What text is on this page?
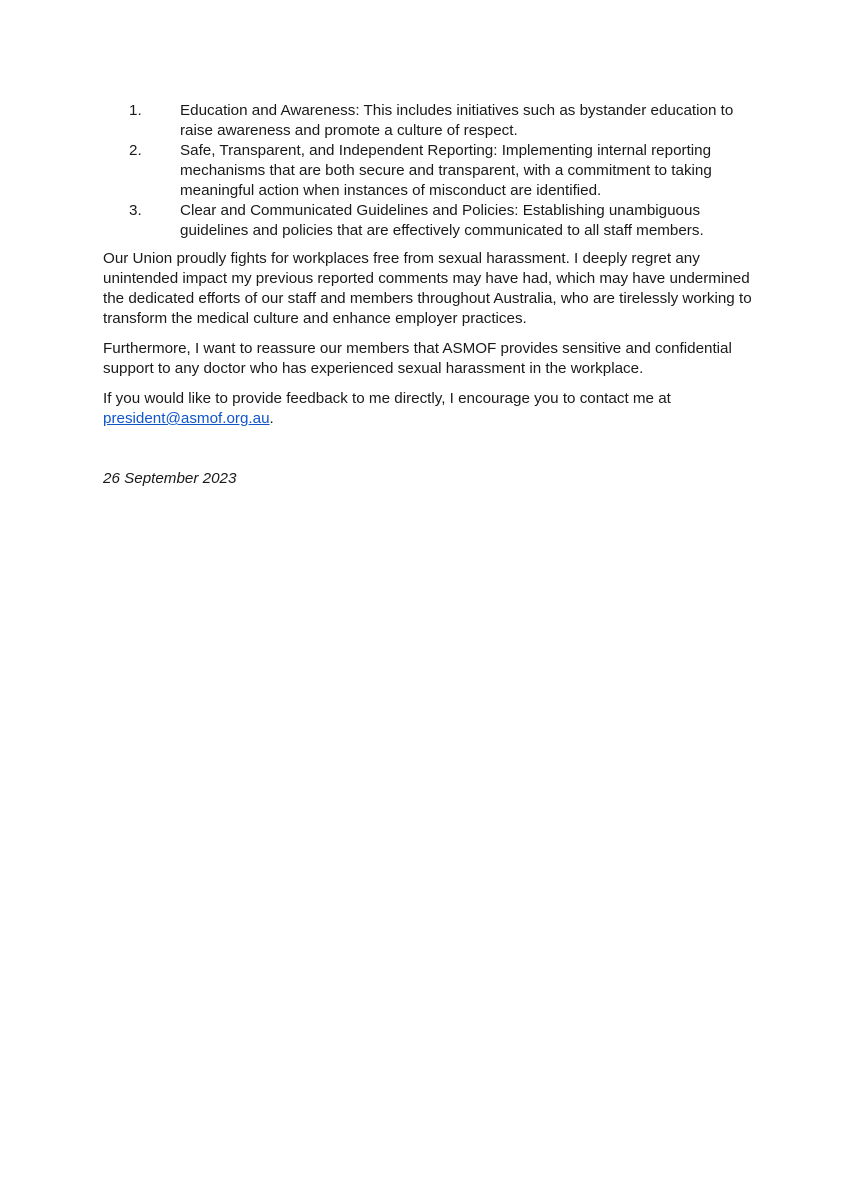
1.	Education and Awareness: This includes initiatives such as bystander education to raise awareness and promote a culture of respect.
2.	Safe, Transparent, and Independent Reporting: Implementing internal reporting mechanisms that are both secure and transparent, with a commitment to taking meaningful action when instances of misconduct are identified.
3.	Clear and Communicated Guidelines and Policies: Establishing unambiguous guidelines and policies that are effectively communicated to all staff members.

Our Union proudly fights for workplaces free from sexual harassment. I deeply regret any unintended impact my previous reported comments may have had, which may have undermined the dedicated efforts of our staff and members throughout Australia, who are tirelessly working to transform the medical culture and enhance employer practices.

Furthermore, I want to reassure our members that ASMOF provides sensitive and confidential support to any doctor who has experienced sexual harassment in the workplace.

If you would like to provide feedback to me directly, I encourage you to contact me at president@asmof.org.au.

26 September 2023
